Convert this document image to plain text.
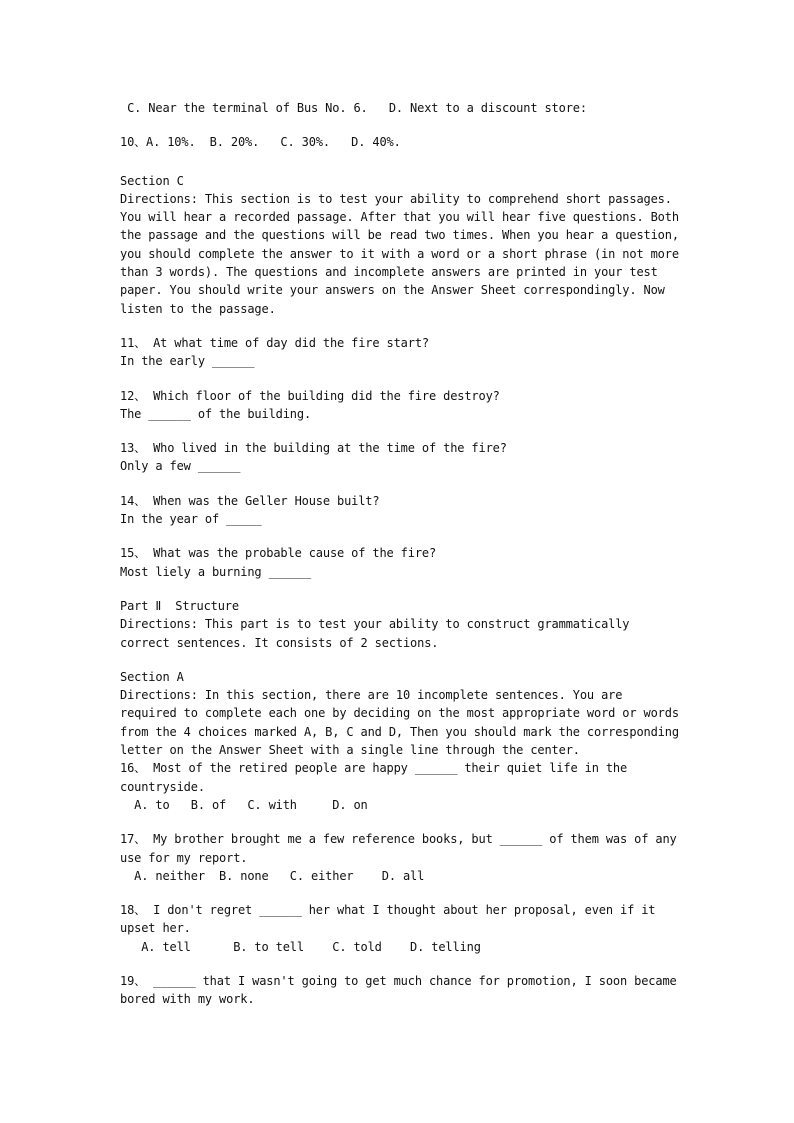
C. Near the terminal of Bus No. 6.   D. Next to a discount store:
10、A. 10%.  B. 20%.   C. 30%.   D. 40%.
Section C
Directions: This section is to test your ability to comprehend short passages. You will hear a recorded passage. After that you will hear five questions. Both the passage and the questions will be read two times. When you hear a question, you should complete the answer to it with a word or a short phrase (in not more than 3 words). The questions and incomplete answers are printed in your test paper. You should write your answers on the Answer Sheet correspondingly. Now listen to the passage.
11、 At what time of day did the fire start?
In the early ______
12、 Which floor of the building did the fire destroy?
The ______ of the building.
13、 Who lived in the building at the time of the fire?
Only a few ______
14、 When was the Geller House built?
In the year of _____
15、 What was the probable cause of the fire?
Most liely a burning ______
Part Ⅱ  Structure
Directions: This part is to test your ability to construct grammatically correct sentences. It consists of 2 sections.
Section A
Directions: In this section, there are 10 incomplete sentences. You are required to complete each one by deciding on the most appropriate word or words from the 4 choices marked A, B, C and D, Then you should mark the corresponding letter on the Answer Sheet with a single line through the center.
16、 Most of the retired people are happy ______ their quiet life in the countryside.
A. to   B. of   C. with     D. on
17、 My brother brought me a few reference books, but ______ of them was of any use for my report.
A. neither  B. none   C. either    D. all
18、 I don't regret ______ her what I thought about her proposal, even if it upset her.
A. tell      B. to tell    C. told    D. telling
19、 ______ that I wasn't going to get much chance for promotion, I soon became bored with my work.
